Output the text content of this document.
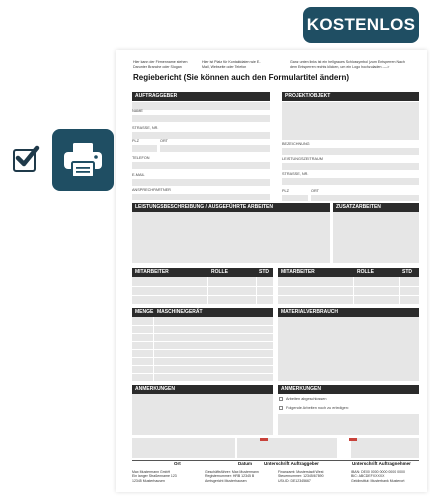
KOSTENLOS
Hier kann der Firmenname stehen Darunter Branche oder Slogan
Hier ist Platz für Kontaktdaten wie E-Mail, Webseite oder Telefon
Ganz unten links ist ein hellgraues Schlossymbol (zum Entsperren Nach dem Entsperren rechts klicken, um ein Logo hochzuladen ---->
Regiebericht (Sie können auch den Formulartitel ändern)
AUFTRAGGEBER
NAME
STRASSE, NR.
PLZ	ORT
TELEFON
E-MAIL
ANSPRECHPARTNER
PROJEKT/OBJEKT
BEZEICHNUNG
LEISTUNGSZEITRAUM
STRASSE, NR.
PLZ	ORT
LEISTUNGSBESCHREIBUNG / AUSGEFÜHRTE ARBEITEN	ZUSATZARBEITEN
MITARBEITER	ROLLE	STD MITARBEITER	ROLLE	STD
MENGE MASCHINE/GERÄT	MATERIALVERBRAUCH
ANMERKUNGEN	ANMERKUNGEN
Arbeiten abgeschlossen
Folgende Arbeiten noch zu erledigen:
Ort	Datum	Unterschrift Auftraggeber	Unterschrift Auftragnehmer
Max Mustermann GmbH
Ein langer Straßenname 123
12345 Musterhausen
Geschäftsführer: Max Mustermann
Registernummer: HRB 12345 B
Amtsgericht Musterhausen
Finanzamt: Musterstadt West
Steuernummer: 12345/67890
USt-ID: DE12345667
IBAN: DE00 0000 0000 0000 0000
BIC: ABCDEFXXXXX
Geldinstitut: Musterbank Musterort
